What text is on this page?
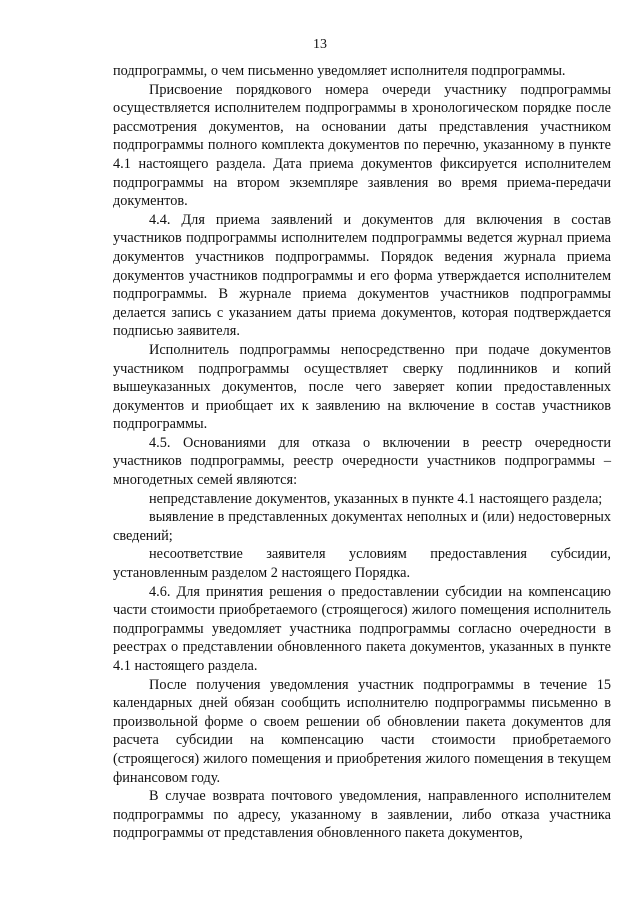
13

подпрограммы, о чем письменно уведомляет исполнителя подпрограммы.

Присвоение порядкового номера очереди участнику подпрограммы осуществляется исполнителем подпрограммы в хронологическом порядке после рассмотрения документов, на основании даты представления участником подпрограммы полного комплекта документов по перечню, указанному в пункте 4.1 настоящего раздела. Дата приема документов фиксируется исполнителем подпрограммы на втором экземпляре заявления во время приема-передачи документов.

4.4. Для приема заявлений и документов для включения в состав участников подпрограммы исполнителем подпрограммы ведется журнал приема документов участников подпрограммы. Порядок ведения журнала приема документов участников подпрограммы и его форма утверждается исполнителем подпрограммы. В журнале приема документов участников подпрограммы делается запись с указанием даты приема документов, которая подтверждается подписью заявителя.

Исполнитель подпрограммы непосредственно при подаче документов участником подпрограммы осуществляет сверку подлинников и копий вышеуказанных документов, после чего заверяет копии предоставленных документов и приобщает их к заявлению на включение в состав участников подпрограммы.

4.5. Основаниями для отказа о включении в реестр очередности участников подпрограммы, реестр очередности участников подпрограммы – многодетных семей являются:

непредставление документов, указанных в пункте 4.1 настоящего раздела;

выявление в представленных документах неполных и (или) недостоверных сведений;

несоответствие заявителя условиям предоставления субсидии, установленным разделом 2 настоящего Порядка.

4.6. Для принятия решения о предоставлении субсидии на компенсацию части стоимости приобретаемого (строящегося) жилого помещения исполнитель подпрограммы уведомляет участника подпрограммы согласно очередности в реестрах о представлении обновленного пакета документов, указанных в пункте 4.1 настоящего раздела.

После получения уведомления участник подпрограммы в течение 15 календарных дней обязан сообщить исполнителю подпрограммы письменно в произвольной форме о своем решении об обновлении пакета документов для расчета субсидии на компенсацию части стоимости приобретаемого (строящегося) жилого помещения и приобретения жилого помещения в текущем финансовом году.

В случае возврата почтового уведомления, направленного исполнителем подпрограммы по адресу, указанному в заявлении, либо отказа участника подпрограммы от представления обновленного пакета документов,
